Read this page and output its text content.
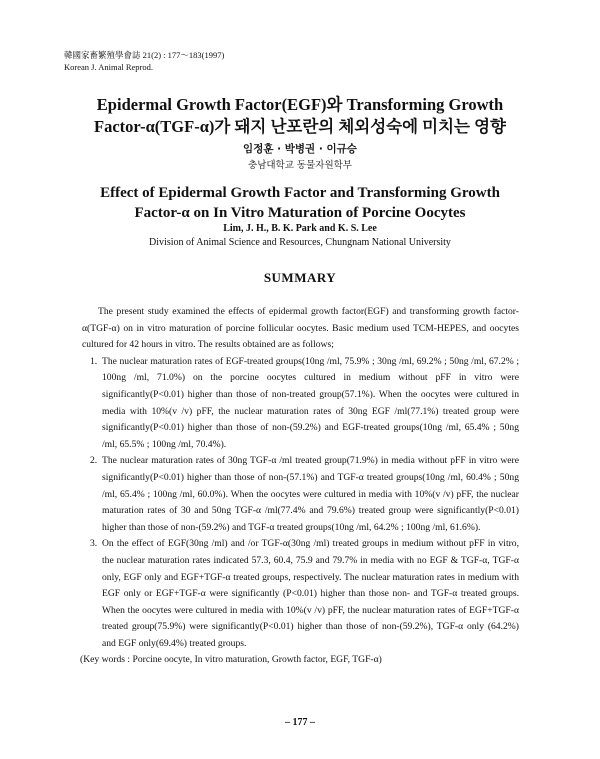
韓國家畜繁殖學會誌 21(2) : 177～183(1997)
Korean J. Animal Reprod.
Epidermal Growth Factor(EGF)와 Transforming Growth
Factor-α(TGF-α)가 돼지 난포란의 체외성숙에 미치는 영향
임정훈 · 박병권 · 이규승
충남대학교 동물자원학부
Effect of Epidermal Growth Factor and Transforming Growth
Factor-α on In Vitro Maturation of Porcine Oocytes
Lim, J. H., B. K. Park and K. S. Lee
Division of Animal Science and Resources, Chungnam National University
SUMMARY

The present study examined the effects of epidermal growth factor(EGF) and transforming growth factor-α(TGF-α) on in vitro maturation of porcine follicular oocytes. Basic medium used TCM-HEPES, and oocytes cultured for 42 hours in vitro. The results obtained are as follows;

1. The nuclear maturation rates of EGF-treated groups(10ng /ml, 75.9% ; 30ng /ml, 69.2% ; 50ng /ml, 67.2% ; 100ng /ml, 71.0%) on the porcine oocytes cultured in medium without pFF in vitro were significantly(P<0.01) higher than those of non-treated group(57.1%). When the oocytes were cultured in media with 10%(v /v) pFF, the nuclear maturation rates of 30ng EGF /ml(77.1%) treated group were significantly(P<0.01) higher than those of non-(59.2%) and EGF-treated groups(10ng /ml, 65.4% ; 50ng /ml, 65.5% ; 100ng /ml, 70.4%).
2. The nuclear maturation rates of 30ng TGF-α /ml treated group(71.9%) in media without pFF in vitro were significantly(P<0.01) higher than those of non-(57.1%) and TGF-α treated groups(10ng /ml, 60.4% ; 50ng /ml, 65.4% ; 100ng /ml, 60.0%). When the oocytes were cultured in media with 10%(v /v) pFF, the nuclear maturation rates of 30 and 50ng TGF-α /ml(77.4% and 79.6%) treated group were significantly(P<0.01) higher than those of non-(59.2%) and TGF-α treated groups(10ng /ml, 64.2% ; 100ng /ml, 61.6%).
3. On the effect of EGF(30ng /ml) and /or TGF-α(30ng /ml) treated groups in medium without pFF in vitro, the nuclear maturation rates indicated 57.3, 60.4, 75.9 and 79.7% in media with no EGF & TGF-α, TGF-α only, EGF only and EGF+TGF-α treated groups, respectively. The nuclear maturation rates in medium with EGF only or EGF+TGF-α were significantly (P<0.01) higher than those non- and TGF-α treated groups. When the oocytes were cultured in media with 10%(v /v) pFF, the nuclear maturation rates of EGF+TGF-α treated group(75.9%) were significantly(P<0.01) higher than those of non-(59.2%), TGF-α only (64.2%) and EGF only(69.4%) treated groups.

(Key words : Porcine oocyte, In vitro maturation, Growth factor, EGF, TGF-α)

– 177 –
